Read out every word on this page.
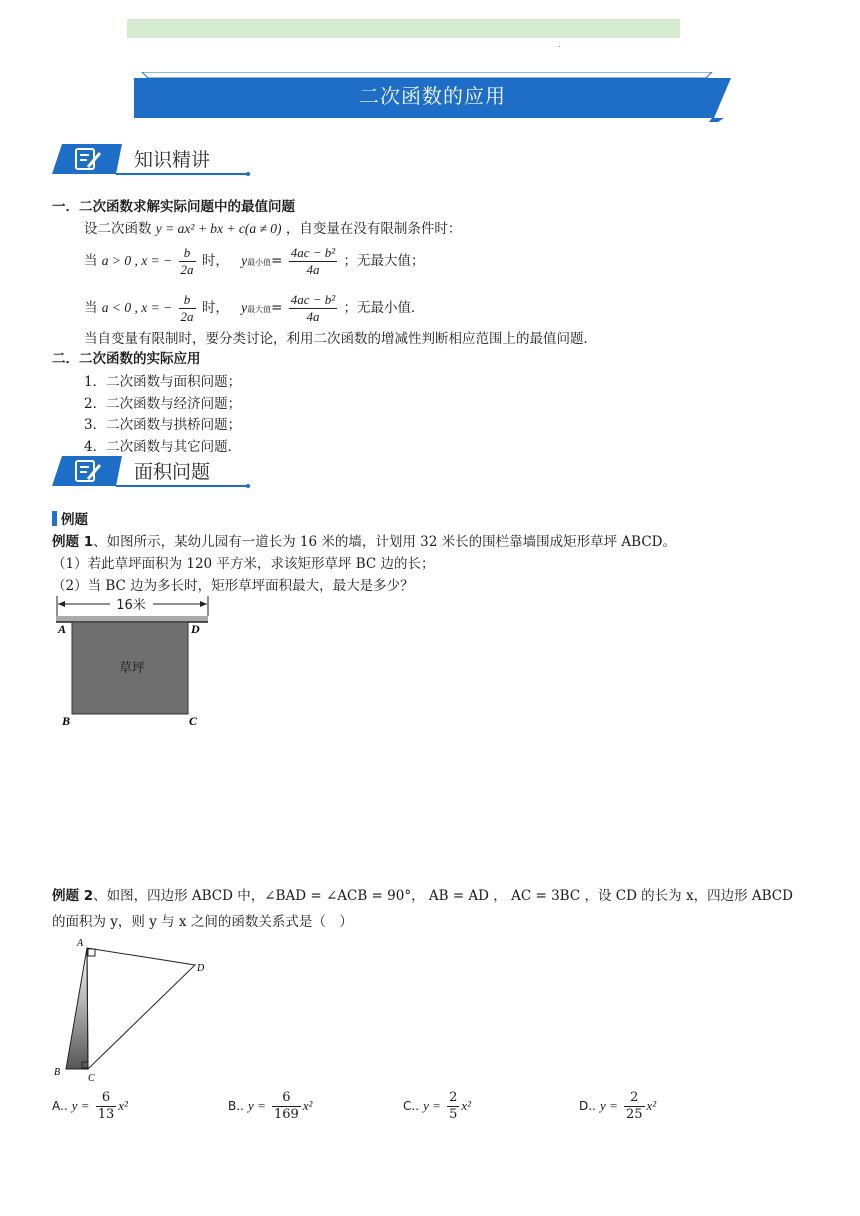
.
二次函数的应用
知识精讲
一．二次函数求解实际问题中的最值问题
设二次函数 y = ax² + bx + c(a ≠ 0) ，自变量在没有限制条件时：
当 a > 0 , x = − $\frac{b}{2a}$ 时， y最小值= $\frac{\text{4ac − b²}}{4a}$ ；无最大值；
当 a < 0 , x = − $\frac{b}{2a}$ 时， y最大值= $\frac{\text{4ac − b²}}{4a}$ ；无最小值．
当自变量有限制时，要分类讨论，利用二次函数的增减性判断相应范围上的最值问题．
二．二次函数的实际应用
1．二次函数与面积问题；
2．二次函数与经济问题；
3．二次函数与拱桥问题；
4．二次函数与其它问题．
面积问题
例题
例题 1、如图所示，某幼儿园有一道长为 16 米的墙，计划用 32 米长的围栏靠墙围成矩形草坪 ABCD。
（1）若此草坪面积为 120 平方米，求该矩形草坪 BC 边的长；
（2）当 BC 边为多长时，矩形草坪面积最大，最大是多少？
16米
草坪
A	D
B	C
例题 2、如图，四边形 ABCD 中，∠BAD = ∠ACB = 90°， AB = AD ， AC = 3BC ，设 CD 的长为 x，四边形 ABCD
的面积为 y，则 y 与 x 之间的函数关系式是（　）
A
D
B
C
A.. $y = \frac{6}{13} x^2$	B.. $y = \frac{6}{169} x^2$	C.. $y = \frac{2}{5} x^2$	D.. $y = \frac{2}{25} x^2$
